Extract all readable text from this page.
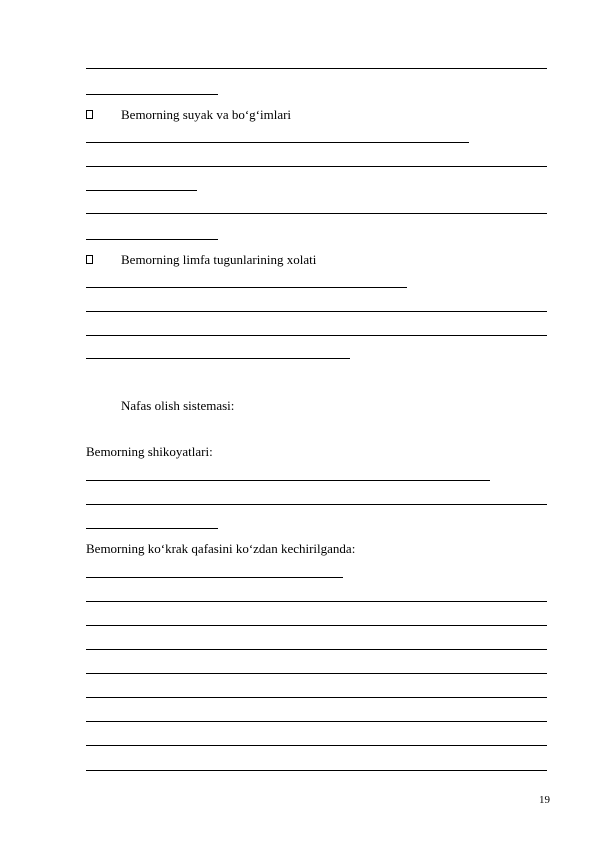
Bemorning suyak va bo‘g‘imlari
Bemorning limfa tugunlarining xolati
Nafas olish sistemasi:
Bemorning shikoyatlari:
Bemorning ko‘krak qafasini ko‘zdan kechirilganda:
19
